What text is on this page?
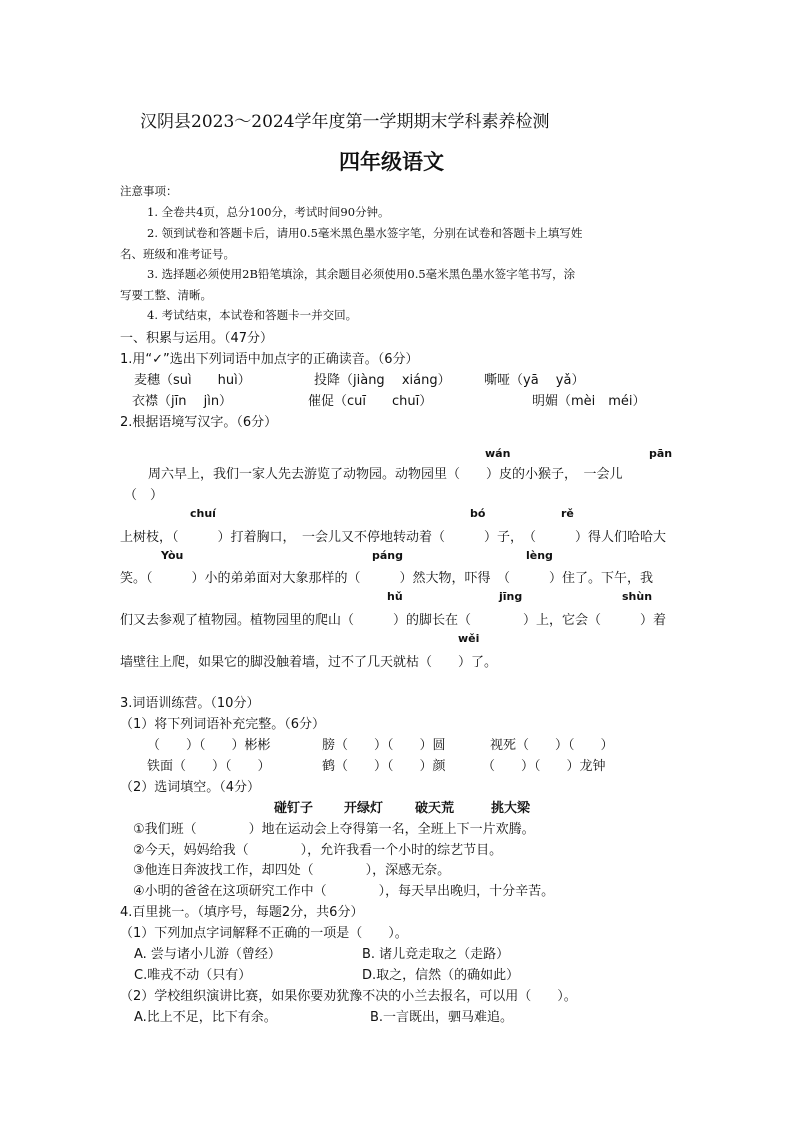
汉阴县2023～2024学年度第一学期期末学科素养检测
四年级语文
注意事项：
1. 全卷共4页，总分100分，考试时间90分钟。
2. 领到试卷和答题卡后，请用0.5毫米黑色墨水签字笔，分别在试卷和答题卡上填写姓
名、班级和准考证号。
3. 选择题必须使用2B铅笔填涂，其余题目必须使用0.5毫米黑色墨水签字笔书写，涂
写要工整、清晰。
4. 考试结束，本试卷和答题卡一并交回。
一、积累与运用。（47分）
1.用“✓”选出下列词语中加点字的正确读音。（6分）
麦穗（suì　　huì）	投降（jiàng　 xiáng）	嘶哑（yā　 yǎ）
衣襟（jīn　 jìn）	催促（cuī　　chuī）	明媚（mèi　méi）
2.根据语境写汉字。（6分）
wán	pān
周六早上，我们一家人先去游览了动物园。动物园里（　　）皮的小猴子，　一会儿
（　）
chuí	bó	rě
上树枝，（　　　）打着胸口，　一会儿又不停地转动着（　　　）子，　（　　　）得人们哈哈大
Yòu	páng	lèng
笑。（　　　）小的弟弟面对大象那样的（　　　）然大物，吓得　（　　　）住了。下午，我
hǔ	jīng	shùn
们又去参观了植物园。植物园里的爬山（　　　）的脚长在（　　　　）上，它会（　　　）着
wěi
墙壁往上爬，如果它的脚没触着墙，过不了几天就枯（　　）了。
3.词语训练营。（10分）
（1）将下列词语补充完整。（6分）
（　　）（　　）彬彬	膀（　　）（　　）圆	视死（　　）（　　）
铁面（　　）（　　）	鹤（　　）（　　）颜	（　　）（　　）龙钟
（2）选词填空。（4分）
碰钉子 开绿灯 破天荒	挑大梁
①我们班（　　　　）地在运动会上夺得第一名，全班上下一片欢腾。
②今天，妈妈给我（　　　　），允许我看一个小时的综艺节目。
③他连日奔波找工作，却四处（　　　　），深感无奈。
④小明的爸爸在这项研究工作中（　　　　），每天早出晚归，十分辛苦。
4.百里挑一。（填序号，每题2分，共6分）
（1）下列加点字词解释不正确的一项是（　　）。
A. 尝与诸小儿游（曾经）	B. 诸儿竞走取之（走路）
C.唯戎不动（只有）	D.取之，信然（的确如此）
（2）学校组织演讲比赛，如果你要劝犹豫不决的小兰去报名，可以用（　　）。
A.比上不足，比下有余。	B.一言既出，驷马难追。
